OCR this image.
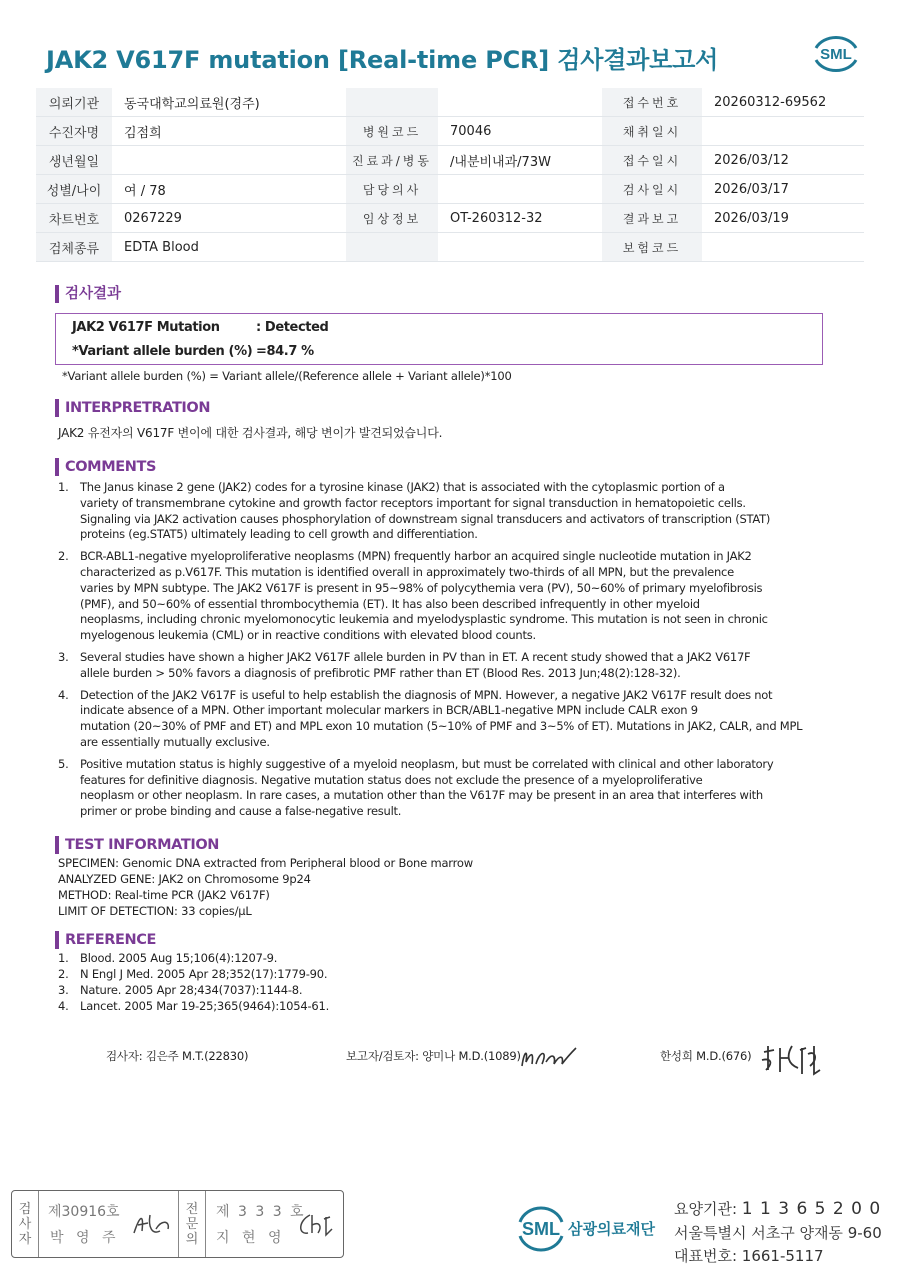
JAK2 V617F mutation [Real-time PCR] 검사결과보고서	SML
의뢰기관	동국대학교의료원(경주)			접수번호	20260312-69562
수진자명	김점희	병원코드	70046	채취일시	
생년월일		진료과/병동	/내분비내과/73W	접수일시	2026/03/12
성별/나이	여 / 78	담당의사		검사일시	2026/03/17
차트번호	0267229	임상정보	OT-260312-32	결과보고	2026/03/19
검체종류	EDTA Blood			보험코드	
검사결과
JAK2 V617F Mutation	: Detected
*Variant allele burden (%) =84.7 %
*Variant allele burden (%) = Variant allele/(Reference allele + Variant allele)*100
INTERPRETRATION
JAK2 유전자의 V617F 변이에 대한 검사결과, 해당 변이가 발견되었습니다.
COMMENTS
1. The Janus kinase 2 gene (JAK2) codes for a tyrosine kinase (JAK2) that is associated with the cytoplasmic portion of a
variety of transmembrane cytokine and growth factor receptors important for signal transduction in hematopoietic cells.
Signaling via JAK2 activation causes phosphorylation of downstream signal transducers and activators of transcription (STAT)
proteins (eg.STAT5) ultimately leading to cell growth and differentiation.
2. BCR-ABL1-negative myeloproliferative neoplasms (MPN) frequently harbor an acquired single nucleotide mutation in JAK2
characterized as p.V617F. This mutation is identified overall in approximately two-thirds of all MPN, but the prevalence
varies by MPN subtype. The JAK2 V617F is present in 95~98% of polycythemia vera (PV), 50~60% of primary myelofibrosis
(PMF), and 50~60% of essential thrombocythemia (ET). It has also been described infrequently in other myeloid
neoplasms, including chronic myelomonocytic leukemia and myelodysplastic syndrome. This mutation is not seen in chronic
myelogenous leukemia (CML) or in reactive conditions with elevated blood counts.
3. Several studies have shown a higher JAK2 V617F allele burden in PV than in ET. A recent study showed that a JAK2 V617F
allele burden > 50% favors a diagnosis of prefibrotic PMF rather than ET (Blood Res. 2013 Jun;48(2):128-32).
4. Detection of the JAK2 V617F is useful to help establish the diagnosis of MPN. However, a negative JAK2 V617F result does not
indicate absence of a MPN. Other important molecular markers in BCR/ABL1-negative MPN include CALR exon 9
mutation (20~30% of PMF and ET) and MPL exon 10 mutation (5~10% of PMF and 3~5% of ET). Mutations in JAK2, CALR, and MPL
are essentially mutually exclusive.
5. Positive mutation status is highly suggestive of a myeloid neoplasm, but must be correlated with clinical and other laboratory
features for definitive diagnosis. Negative mutation status does not exclude the presence of a myeloproliferative
neoplasm or other neoplasm. In rare cases, a mutation other than the V617F may be present in an area that interferes with
primer or probe binding and cause a false-negative result.
TEST INFORMATION
SPECIMEN: Genomic DNA extracted from Peripheral blood or Bone marrow
ANALYZED GENE: JAK2 on Chromosome 9p24
METHOD: Real-time PCR (JAK2 V617F)
LIMIT OF DETECTION: 33 copies/μL
REFERENCE
1. Blood. 2005 Aug 15;106(4):1207-9.
2. N Engl J Med. 2005 Apr 28;352(17):1779-90.
3. Nature. 2005 Apr 28;434(7037):1144-8.
4. Lancet. 2005 Mar 19-25;365(9464):1054-61.
검사자: 김은주 M.T.(22830)	보고자/검토자: 양미나 M.D.(1089)	한성희 M.D.(676)
검
사
자
제30916호
박 영 주
전
문
의
제 3 3 3 호
지 현 영	SML 삼광의료재단
요양기관: 1 1 3 6 5 2 0 0
서울특별시 서초구 양재동 9-60
대표번호: 1661-5117
